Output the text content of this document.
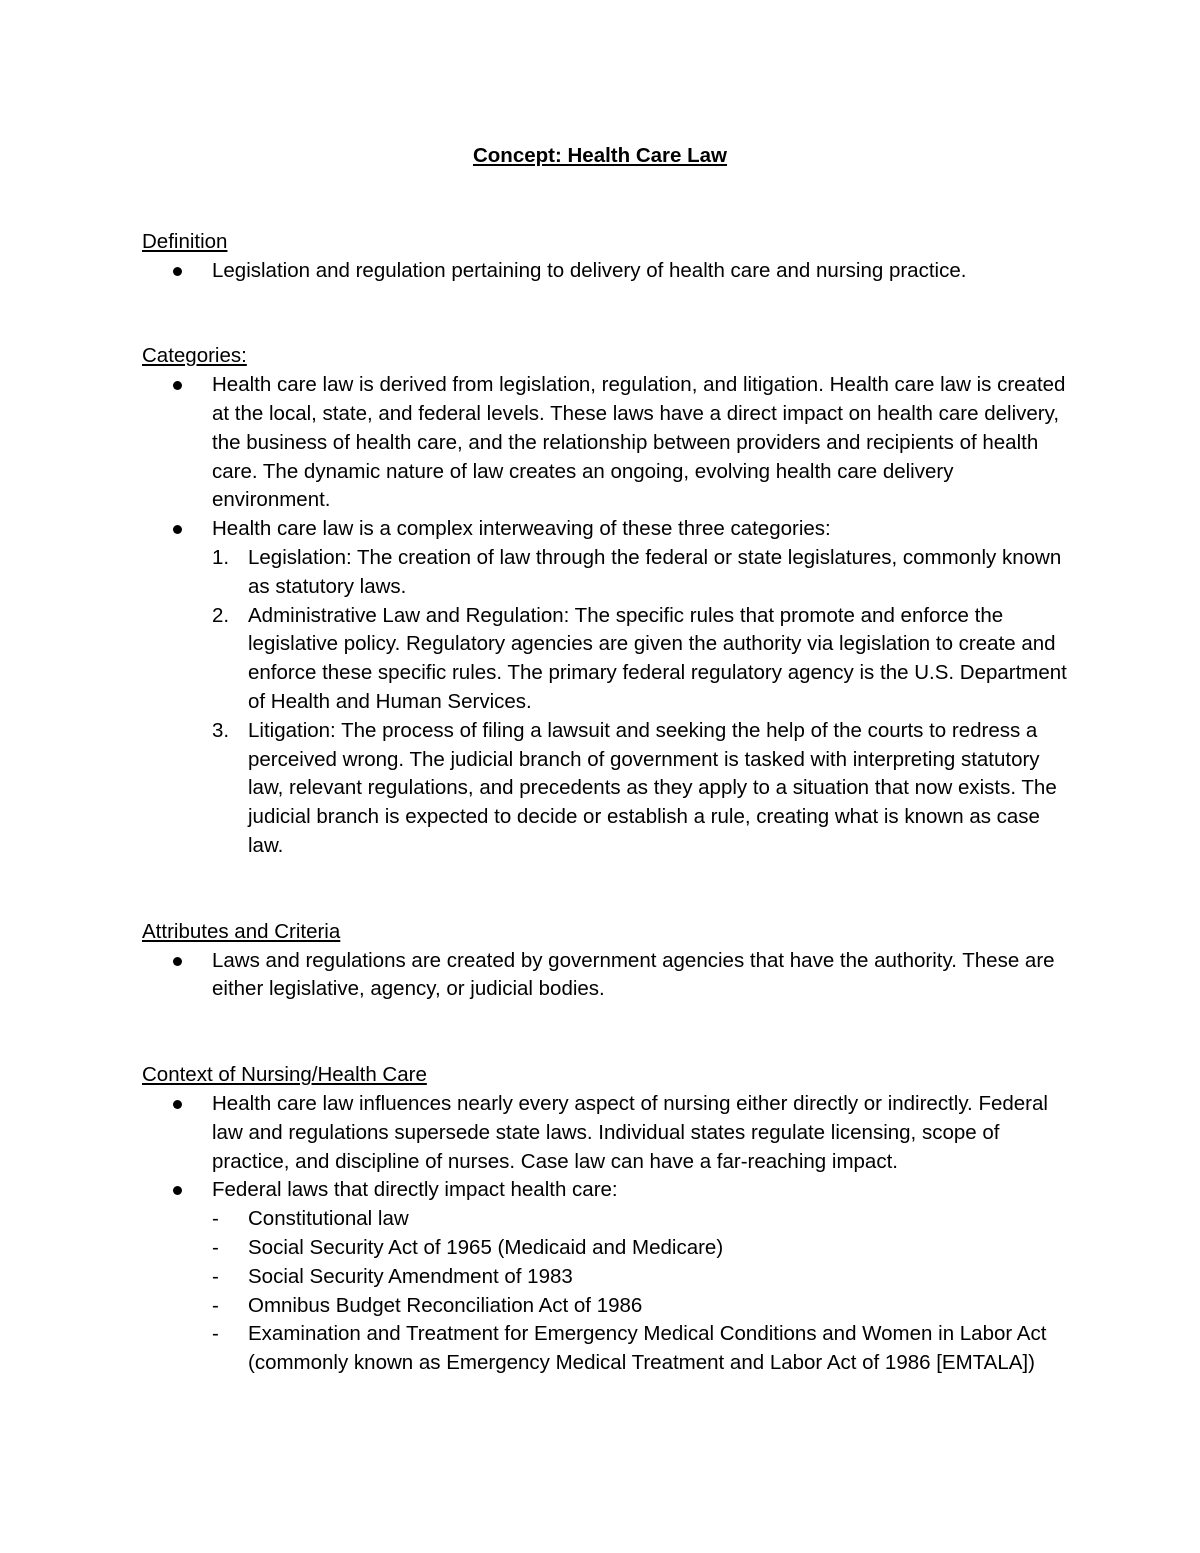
Concept: Health Care Law

Definition

Legislation and regulation pertaining to delivery of health care and nursing practice.

Categories:

Health care law is derived from legislation, regulation, and litigation. Health care law is created at the local, state, and federal levels. These laws have a direct impact on health care delivery, the business of health care, and the relationship between providers and recipients of health care. The dynamic nature of law creates an ongoing, evolving health care delivery environment.
Health care law is a complex interweaving of these three categories:
1. Legislation: The creation of law through the federal or state legislatures, commonly known as statutory laws.
2. Administrative Law and Regulation: The specific rules that promote and enforce the legislative policy. Regulatory agencies are given the authority via legislation to create and enforce these specific rules. The primary federal regulatory agency is the U.S. Department of Health and Human Services.
3. Litigation: The process of filing a lawsuit and seeking the help of the courts to redress a perceived wrong. The judicial branch of government is tasked with interpreting statutory law, relevant regulations, and precedents as they apply to a situation that now exists. The judicial branch is expected to decide or establish a rule, creating what is known as case law.

Attributes and Criteria

Laws and regulations are created by government agencies that have the authority. These are either legislative, agency, or judicial bodies.

Context of Nursing/Health Care

Health care law influences nearly every aspect of nursing either directly or indirectly. Federal law and regulations supersede state laws. Individual states regulate licensing, scope of practice, and discipline of nurses. Case law can have a far-reaching impact.
Federal laws that directly impact health care:
- Constitutional law
- Social Security Act of 1965 (Medicaid and Medicare)
- Social Security Amendment of 1983
- Omnibus Budget Reconciliation Act of 1986
- Examination and Treatment for Emergency Medical Conditions and Women in Labor Act (commonly known as Emergency Medical Treatment and Labor Act of 1986 [EMTALA])
